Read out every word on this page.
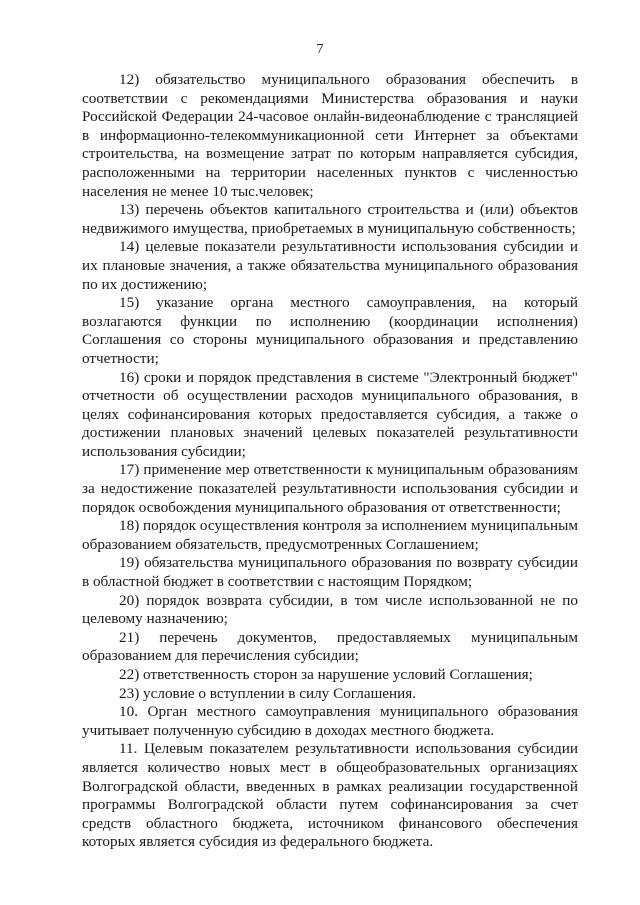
7

12) обязательство муниципального образования обеспечить в соответствии с рекомендациями Министерства образования и науки Российской Федерации 24-часовое онлайн-видеонаблюдение с трансляцией в информационно-телекоммуникационной сети Интернет за объектами строительства, на возмещение затрат по которым направляется субсидия, расположенными на территории населенных пунктов с численностью населения не менее 10 тыс.человек;

13) перечень объектов капитального строительства и (или) объектов недвижимого имущества, приобретаемых в муниципальную собственность;

14) целевые показатели результативности использования субсидии и их плановые значения, а также обязательства муниципального образования по их достижению;

15) указание органа местного самоуправления, на который возлагаются функции по исполнению (координации исполнения) Соглашения со стороны муниципального образования и представлению отчетности;

16) сроки и порядок представления в системе "Электронный бюджет" отчетности об осуществлении расходов муниципального образования, в целях софинансирования которых предоставляется субсидия, а также о достижении плановых значений целевых показателей результативности использования субсидии;

17) применение мер ответственности к муниципальным образованиям за недостижение показателей результативности использования субсидии и порядок освобождения муниципального образования от ответственности;

18) порядок осуществления контроля за исполнением муниципальным образованием обязательств, предусмотренных Соглашением;

19) обязательства муниципального образования по возврату субсидии в областной бюджет в соответствии с настоящим Порядком;

20) порядок возврата субсидии, в том числе использованной не по целевому назначению;

21) перечень документов, предоставляемых муниципальным образованием для перечисления субсидии;

22) ответственность сторон за нарушение условий Соглашения;

23) условие о вступлении в силу Соглашения.

10. Орган местного самоуправления муниципального образования учитывает полученную субсидию в доходах местного бюджета.

11. Целевым показателем результативности использования субсидии является количество новых мест в общеобразовательных организациях Волгоградской области, введенных в рамках реализации государственной программы Волгоградской области путем софинансирования за счет средств областного бюджета, источником финансового обеспечения которых является субсидия из федерального бюджета.
